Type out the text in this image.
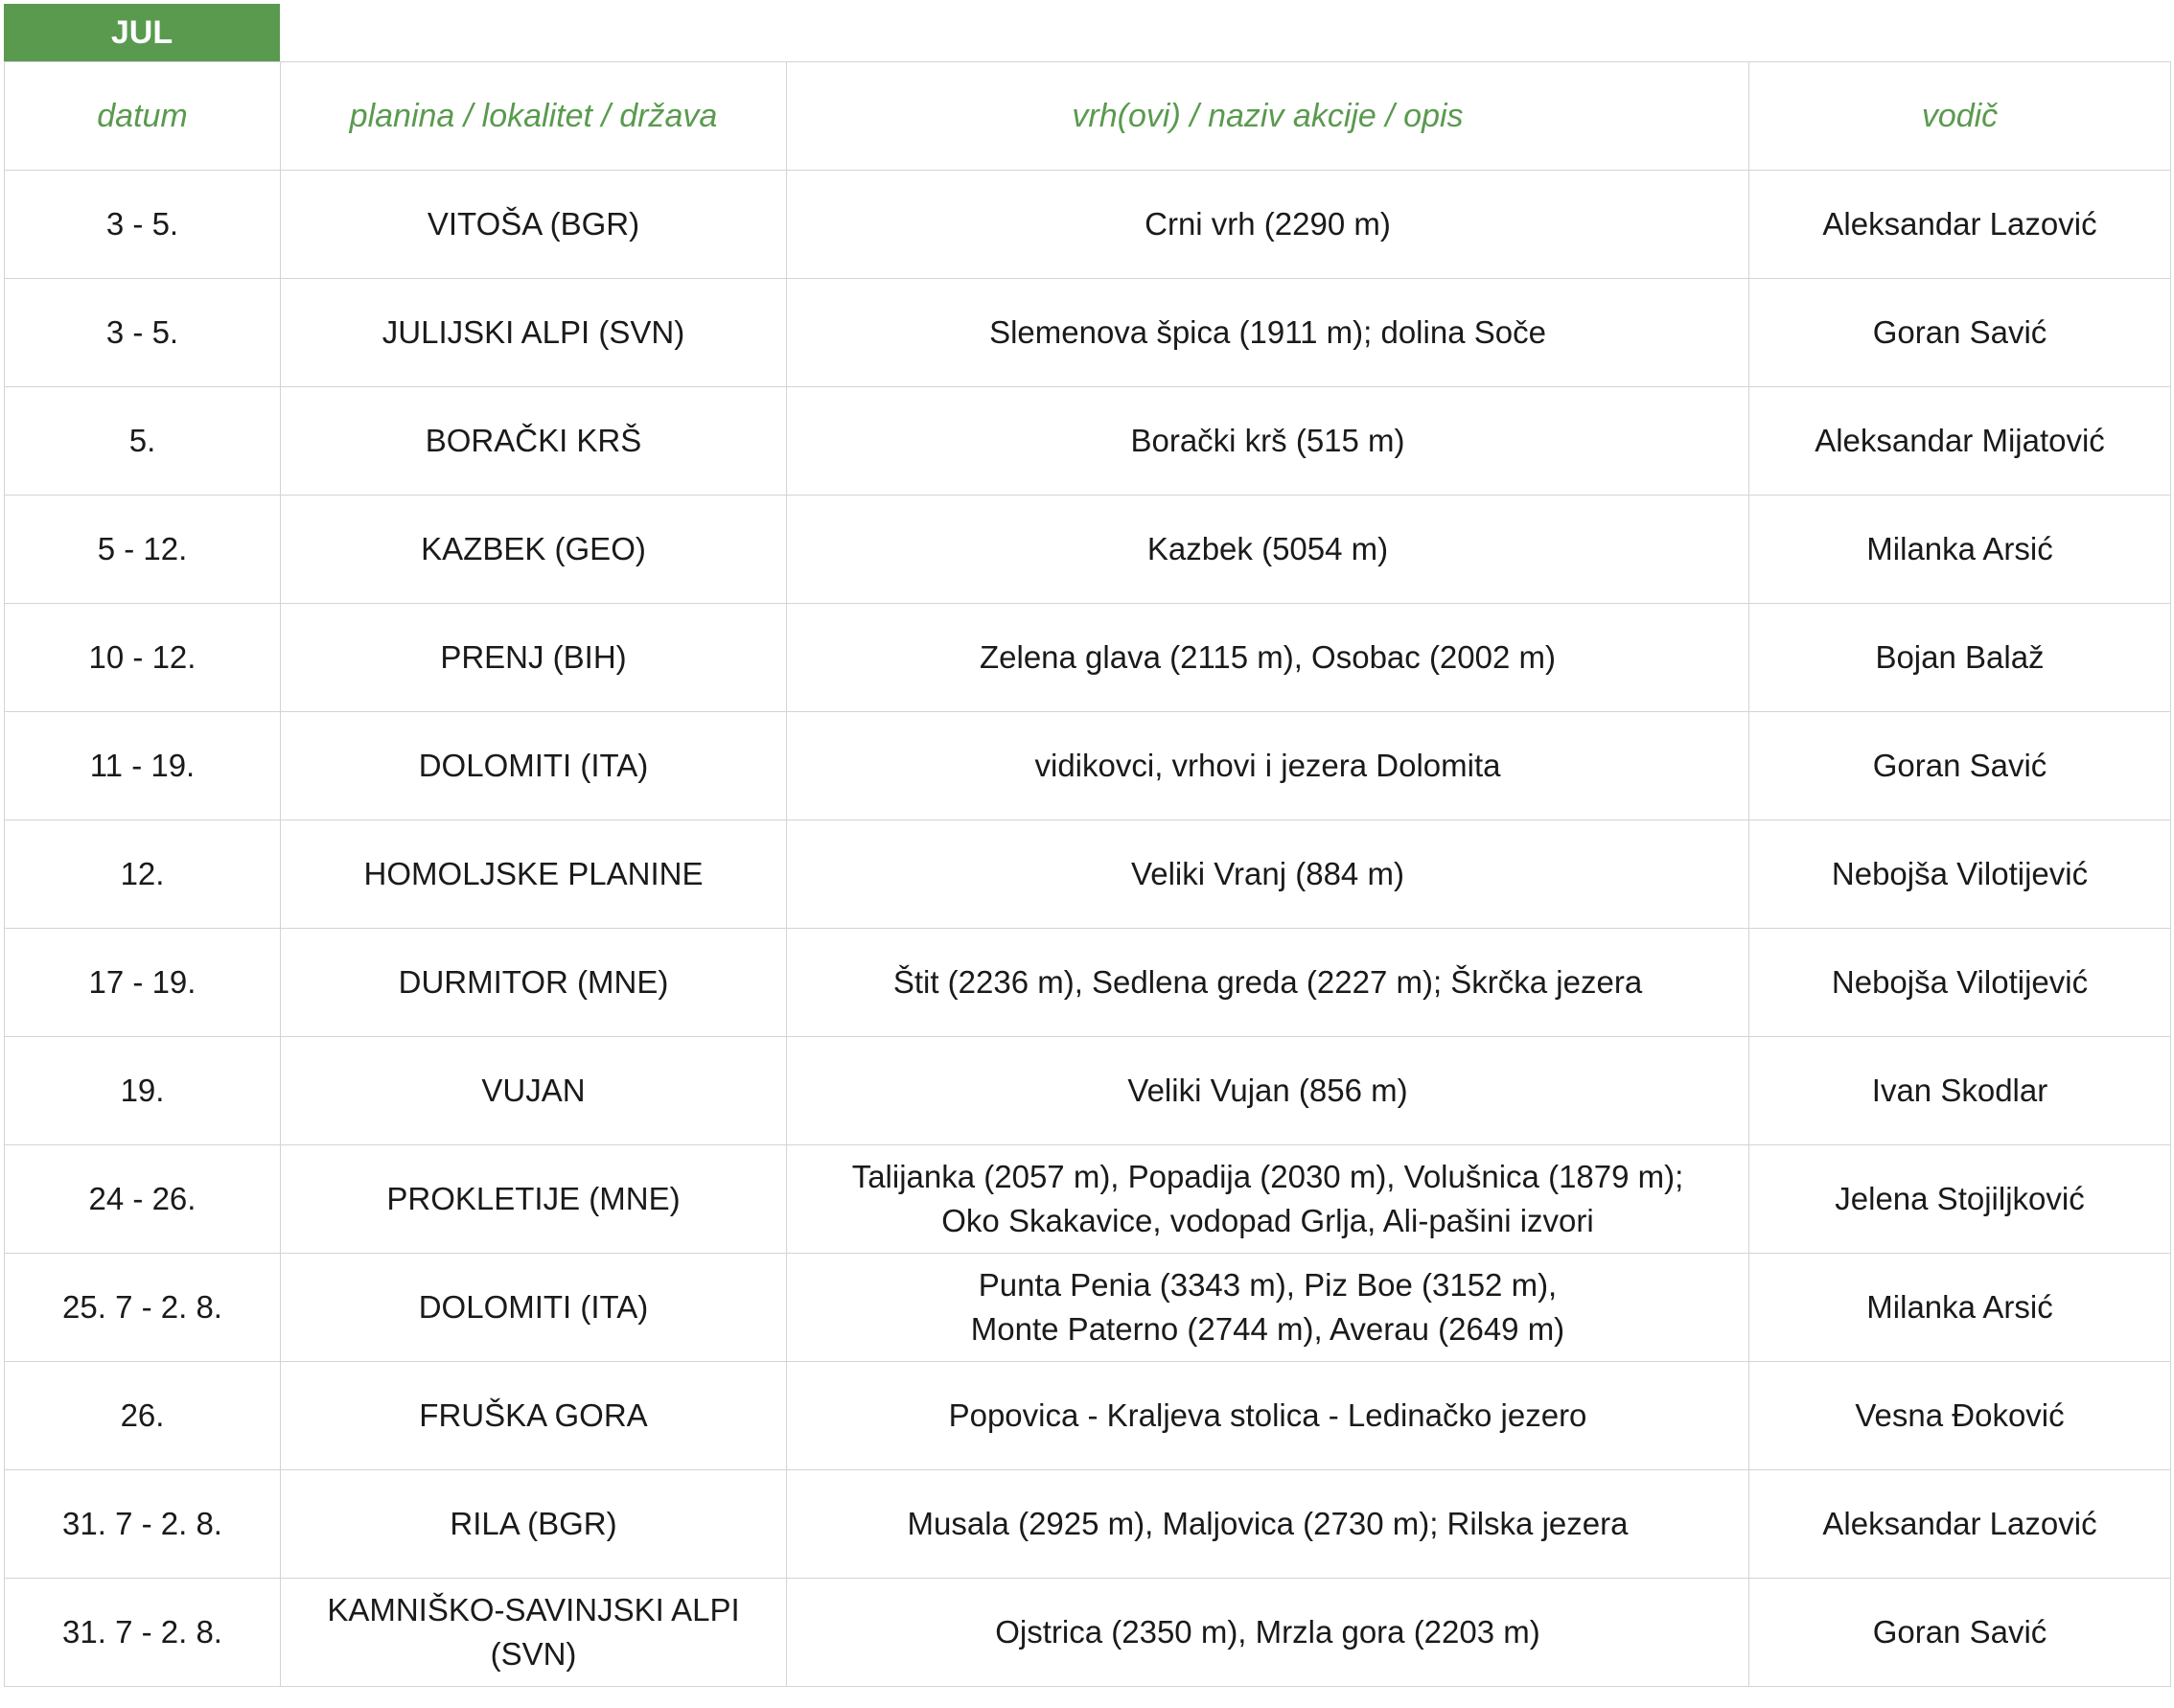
JUL
datum	planina / lokalitet / država	vrh(ovi) / naziv akcije / opis	vodič
3 - 5.	VITOŠA (BGR)	Crni vrh (2290 m)	Aleksandar Lazović
3 - 5.	JULIJSKI ALPI (SVN)	Slemenova špica (1911 m); dolina Soče	Goran Savić
5.	BORAČKI KRŠ	Borački krš (515 m)	Aleksandar Mijatović
5 - 12.	KAZBEK (GEO)	Kazbek (5054 m)	Milanka Arsić
10 - 12.	PRENJ (BIH)	Zelena glava (2115 m), Osobac (2002 m)	Bojan Balaž
11 - 19.	DOLOMITI (ITA)	vidikovci, vrhovi i jezera Dolomita	Goran Savić
12.	HOMOLJSKE PLANINE	Veliki Vranj (884 m)	Nebojša Vilotijević
17 - 19.	DURMITOR (MNE)	Štit (2236 m), Sedlena greda (2227 m); Škrčka jezera	Nebojša Vilotijević
19.	VUJAN	Veliki Vujan (856 m)	Ivan Skodlar
24 - 26.	PROKLETIJE (MNE)	Talijanka (2057 m), Popadija (2030 m), Volušnica (1879 m);
Oko Skakavice, vodopad Grlja, Ali-pašini izvori	Jelena Stojiljković
25. 7 - 2. 8.	DOLOMITI (ITA)	Punta Penia (3343 m), Piz Boe (3152 m),
Monte Paterno (2744 m), Averau (2649 m)	Milanka Arsić
26.	FRUŠKA GORA	Popovica - Kraljeva stolica - Ledinačko jezero	Vesna Đoković
31. 7 - 2. 8.	RILA (BGR)	Musala (2925 m), Maljovica (2730 m); Rilska jezera	Aleksandar Lazović
31. 7 - 2. 8.	KAMNIŠKO-SAVINJSKI ALPI (SVN)	Ojstrica (2350 m), Mrzla gora (2203 m)	Goran Savić
